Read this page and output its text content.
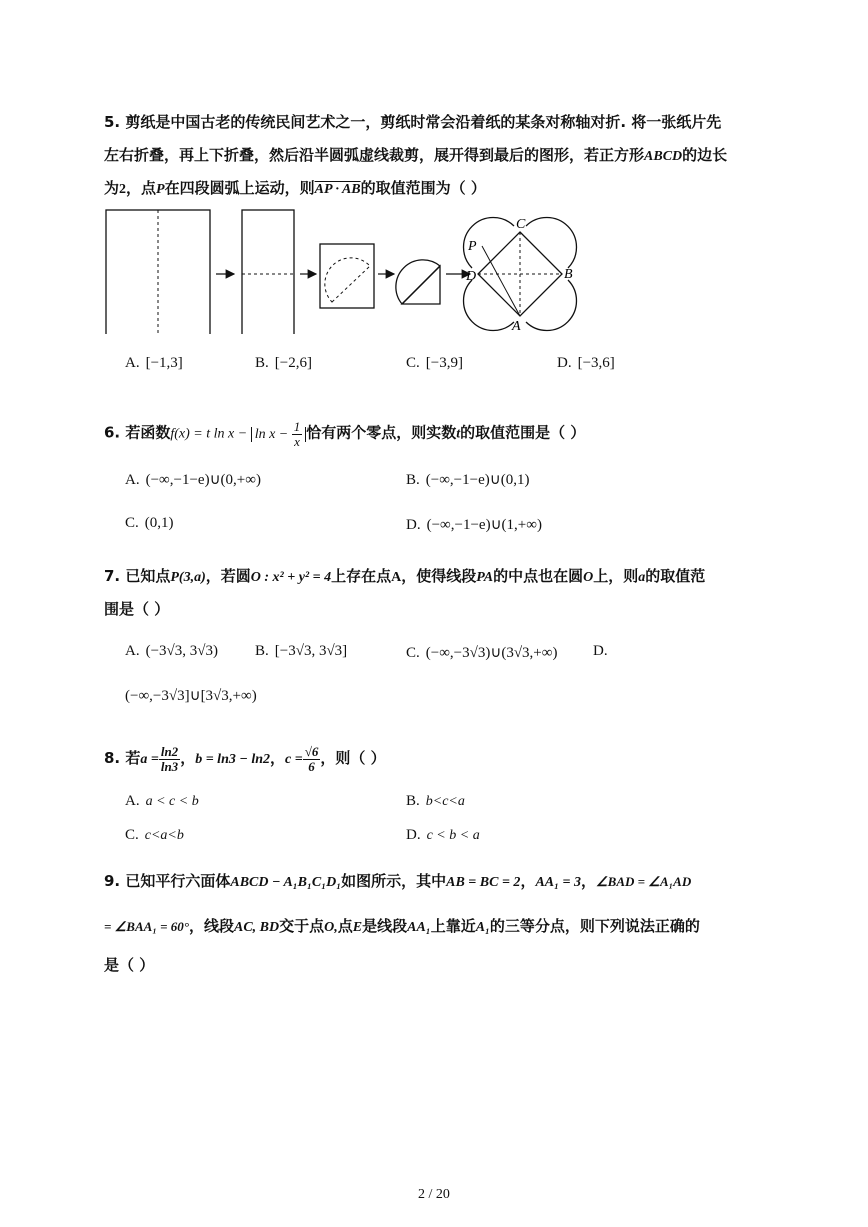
5. 剪纸是中国古老的传统民间艺术之一，剪纸时常会沿着纸的某条对称轴对折. 将一张纸片先
左右折叠，再上下折叠，然后沿半圆弧虚线裁剪，展开得到最后的图形，若正方形ABCD的边长
为2，点P在四段圆弧上运动，则AP · AB的取值范围为（ ）
P
C
D	B
A
A. [−1,3]	B. [−2,6]	C. [−3,9]	D. [−3,6]
6. 若函数f(x) = t $\ln x - \ln x - \frac{1}{x}$ 恰有两个零点，则实数t的取值范围是（ ）
A. (−∞,−1−e)∪(0,+∞)	B. (−∞,−1−e)∪(0,1)
C. (0,1)	D. (−∞,−1−e)∪(1,+∞)
7. 已知点P(3,a)，若圆O : x² + y² = 4上存在点A，使得线段PA的中点也在圆O上，则a的取值范
围是（ ）
A. (−3√3, 3√3) B. [−3√3, 3√3]	C. (−∞,−3√3)∪(3√3,+∞) D.
(−∞,−3√3]∪[3√3,+∞)
8. 若$a = \frac{\ln 2}{\ln 3}$ ，b = ln3 − ln2，$c = \frac{√6}{6}$ ，则（ ）
A. a < c < b	B. b<c<a
C. c<a<b	D. c < b < a
9. 已知平行六面体ABCD − A₁B₁C₁D₁如图所示，其中AB = BC = 2，AA₁ = 3，∠BAD = ∠A₁AD
= ∠BAA₁ = 60°，线段AC, BD交于点O,点E是线段AA₁上靠近A₁的三等分点，则下列说法正确的
是（ ）
2 / 20
